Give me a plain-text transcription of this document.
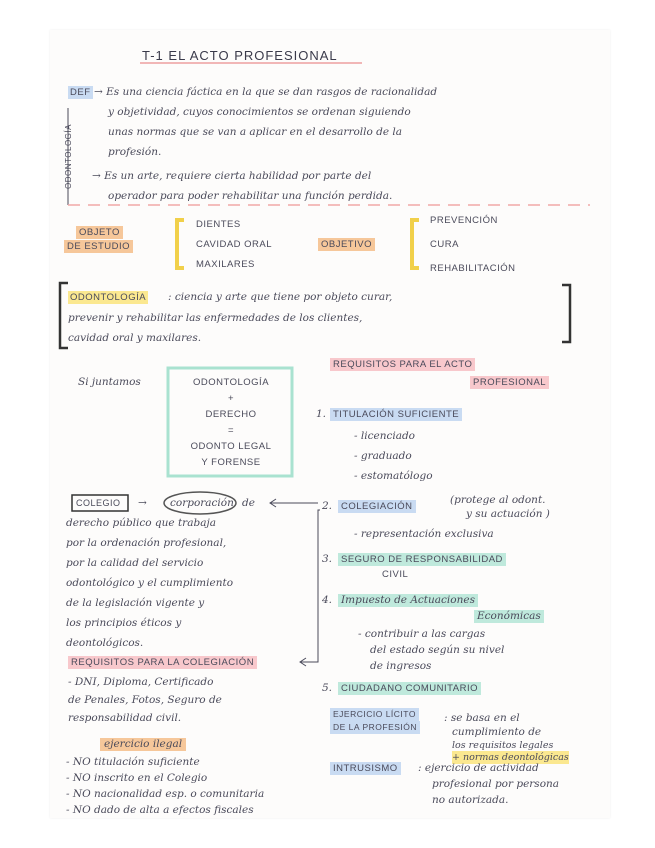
T-1 EL ACTO PROFESIONAL
ODONTOLOGÍA
DEF → Es una ciencia fáctica en la que se dan rasgos de racionalidad
y objetividad, cuyos conocimientos se ordenan siguiendo
unas normas que se van a aplicar en el desarrollo de la
profesión.
→ Es un arte, requiere cierta habilidad por parte del
operador para poder rehabilitar una función perdida.
OBJETO
DE ESTUDIO
DIENTES
CAVIDAD ORAL
MAXILARES
OBJETIVO
PREVENCIÓN
CURA
REHABILITACIÓN
ODONTOLOGÍA : ciencia y arte que tiene por objeto curar,
prevenir y rehabilitar las enfermedades de los clientes,
cavidad oral y maxilares.
Si juntamos	ODONTOLOGÍA
+
DERECHO
=
ODONTO LEGAL
Y FORENSE
REQUISITOS PARA EL ACTO
PROFESIONAL
1. TITULACIÓN SUFICIENTE
- licenciado
- graduado
- estomatólogo
2. COLEGIACIÓN
(protege al odont.
y su actuación )
- representación exclusiva
3. SEGURO DE RESPONSABILIDAD
CIVIL
4. Impuesto de Actuaciones
Económicas
- contribuir a las cargas
del estado según su nivel
de ingresos
5. CIUDADANO COMUNITARIO
COLEGIO → corporación de
derecho público que trabaja
por la ordenación profesional,
por la calidad del servicio
odontológico y el cumplimiento
de la legislación vigente y
los principios éticos y
deontológicos.
REQUISITOS PARA LA COLEGIACIÓN
- DNI, Diploma, Certificado
de Penales, Fotos, Seguro de
responsabilidad civil.
ejercicio ilegal
- NO titulación suficiente
- NO inscrito en el Colegio
- NO nacionalidad esp. o comunitaria
- NO dado de alta a efectos fiscales
EJERCICIO LÍCITO
DE LA PROFESIÓN
: se basa en el
cumplimiento de
los requisitos legales
+ normas deontológicas
INTRUSISMO : ejercicio de actividad
profesional por persona
no autorizada.
